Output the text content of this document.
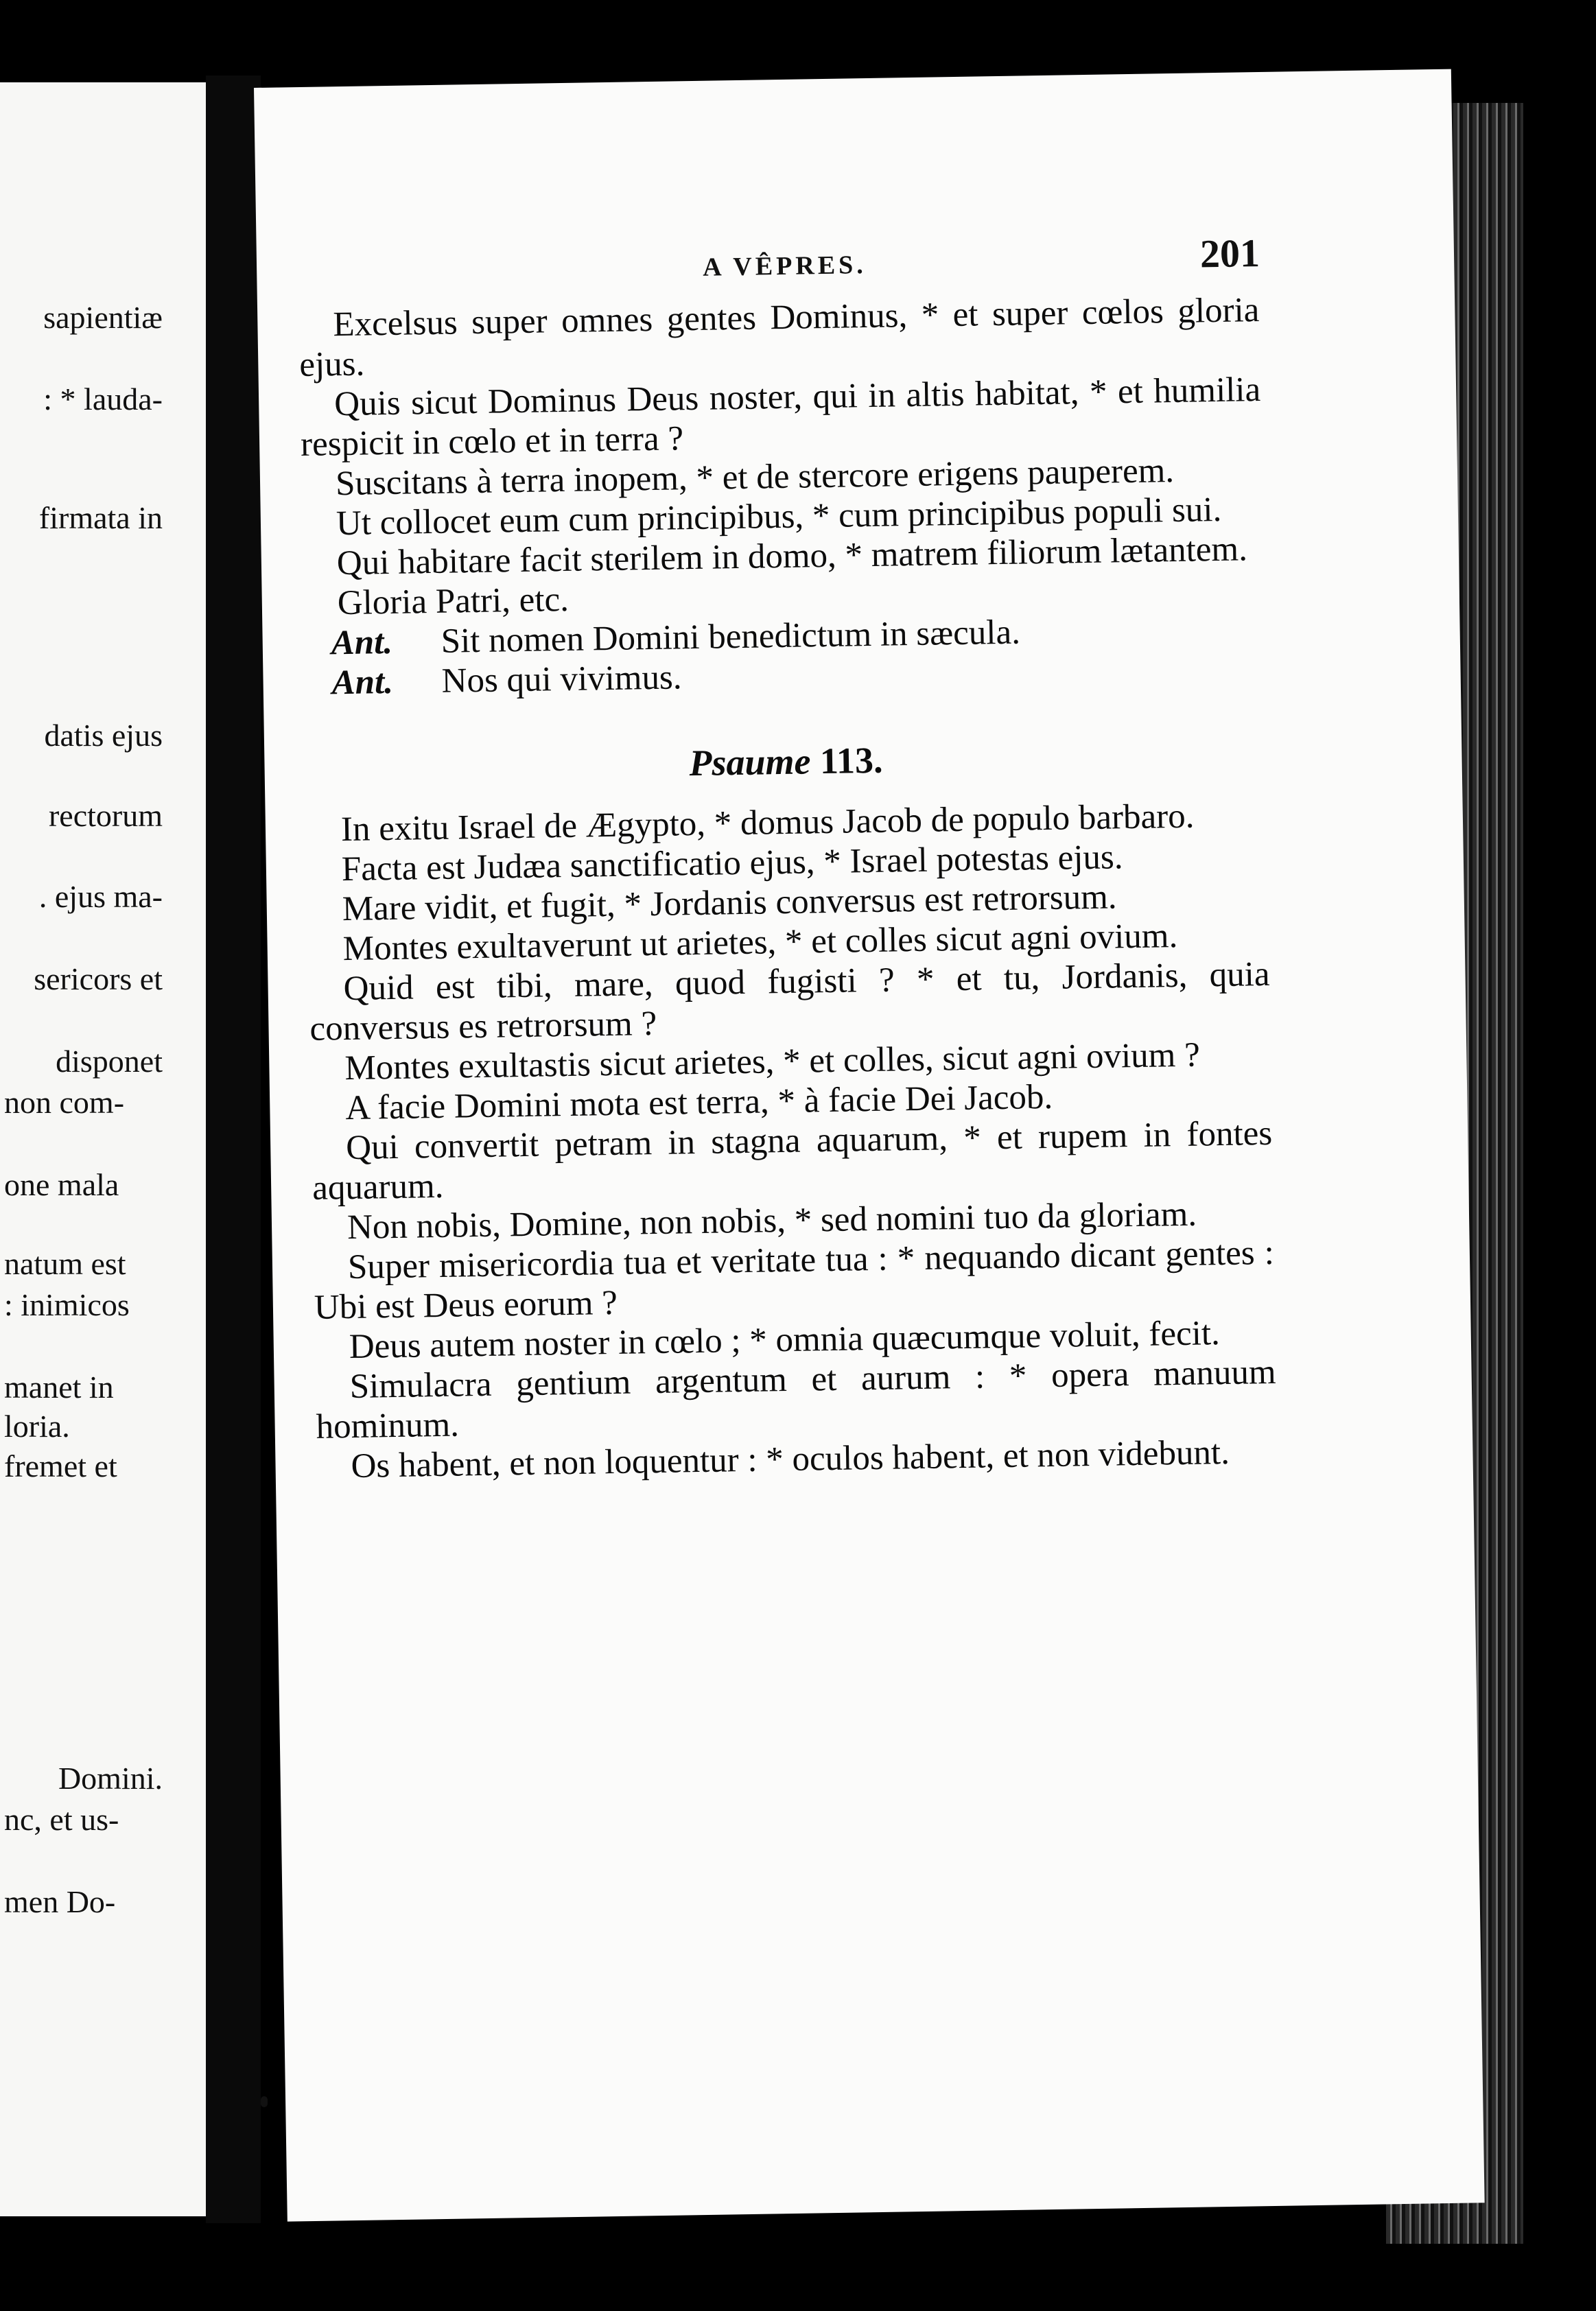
sapientiæ
: * lauda-
firmata in
datis ejus
rectorum
. ejus ma-
sericors et
disponet
non com-
one mala
natum est
: inimicos
manet in
loria.
fremet et
Domini.
nc, et us-
men Do-
A VÊPRES.	201
Excelsus super omnes gentes Dominus, * et super cœlos gloria ejus.
Quis sicut Dominus Deus noster, qui in altis habitat, * et humilia respicit in cœlo et in terra ?
Suscitans à terra inopem, * et de stercore erigens pauperem.
Ut collocet eum cum principibus, * cum principibus populi sui.
Qui habitare facit sterilem in domo, * matrem filiorum lætantem.
Gloria Patri, etc.
Ant. Sit nomen Domini benedictum in sæcula.
Ant. Nos qui vivimus.
Psaume 113.
In exitu Israel de Ægypto, * domus Jacob de populo barbaro.
Facta est Judæa sanctificatio ejus, * Israel potestas ejus.
Mare vidit, et fugit, * Jordanis conversus est retrorsum.
Montes exultaverunt ut arietes, * et colles sicut agni ovium.
Quid est tibi, mare, quod fugisti ? * et tu, Jordanis, quia conversus es retrorsum ?
Montes exultastis sicut arietes, * et colles, sicut agni ovium ?
A facie Domini mota est terra, * à facie Dei Jacob.
Qui convertit petram in stagna aquarum, * et rupem in fontes aquarum.
Non nobis, Domine, non nobis, * sed nomini tuo da gloriam.
Super misericordia tua et veritate tua : * nequando dicant gentes : Ubi est Deus eorum ?
Deus autem noster in cœlo ; * omnia quæcumque voluit, fecit.
Simulacra gentium argentum et aurum : * opera manuum hominum.
Os habent, et non loquentur : * oculos habent, et non videbunt.
